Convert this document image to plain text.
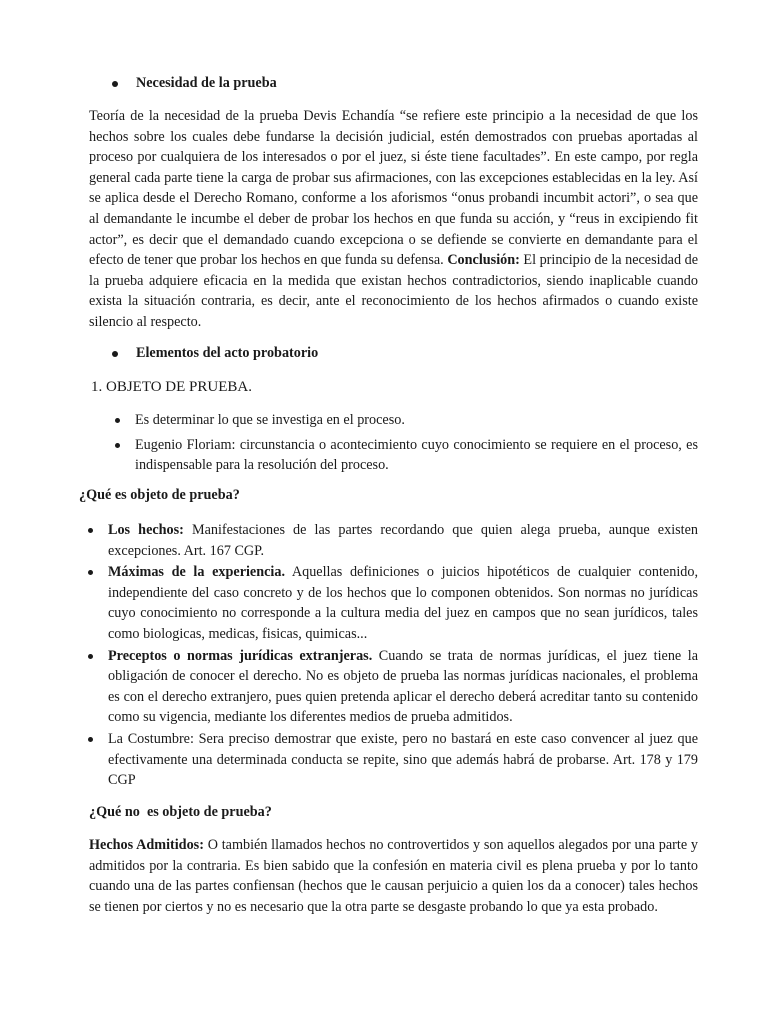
Necesidad de la prueba

Teoría de la necesidad de la prueba Devis Echandía “se refiere este principio a la necesidad de que los hechos sobre los cuales debe fundarse la decisión judicial, estén demostrados con pruebas aportadas al proceso por cualquiera de los interesados o por el juez, si éste tiene facultades”. En este campo, por regla general cada parte tiene la carga de probar sus afirmaciones, con las excepciones establecidas en la ley. Así se aplica desde el Derecho Romano, conforme a los aforismos “onus probandi incumbit actori”, o sea que al demandante le incumbe el deber de probar los hechos en que funda su acción, y “reus in excipiendo fit actor”, es decir que el demandado cuando excepciona o se defiende se convierte en demandante para el efecto de tener que probar los hechos en que funda su defensa. Conclusión: El principio de la necesidad de la prueba adquiere eficacia en la medida que existan hechos contradictorios, siendo inaplicable cuando exista la situación contraria, es decir, ante el reconocimiento de los hechos afirmados o cuando existe silencio al respecto.

Elementos del acto probatorio
1. OBJETO DE PRUEBA.
Es determinar lo que se investiga en el proceso.
Eugenio Floriam: circunstancia o acontecimiento cuyo conocimiento se requiere en el proceso, es indispensable para la resolución del proceso.
¿Qué es objeto de prueba?
Los hechos: Manifestaciones de las partes recordando que quien alega prueba, aunque existen excepciones. Art. 167 CGP.
Máximas de la experiencia. Aquellas definiciones o juicios hipotéticos de cualquier contenido, independiente del caso concreto y de los hechos que lo componen obtenidos. Son normas no jurídicas cuyo conocimiento no corresponde a la cultura media del juez en campos que no sean jurídicos, tales como biologicas, medicas, fisicas, quimicas...
Preceptos o normas jurídicas extranjeras. Cuando se trata de normas jurídicas, el juez tiene la obligación de conocer el derecho. No es objeto de prueba las normas jurídicas nacionales, el problema es con el derecho extranjero, pues quien pretenda aplicar el derecho deberá acreditar tanto su contenido como su vigencia, mediante los diferentes medios de prueba admitidos.
La Costumbre: Sera preciso demostrar que existe, pero no bastará en este caso convencer al juez que efectivamente una determinada conducta se repite, sino que además habrá de probarse. Art. 178 y 179 CGP
¿Qué no  es objeto de prueba?

Hechos Admitidos: O también llamados hechos no controvertidos y son aquellos alegados por una parte y admitidos por la contraria. Es bien sabido que la confesión en materia civil es plena prueba y por lo tanto cuando una de las partes confiensan (hechos que le causan perjuicio a quien los da a conocer) tales hechos se tienen por ciertos y no es necesario que la otra parte se desgaste probando lo que ya esta probado.
